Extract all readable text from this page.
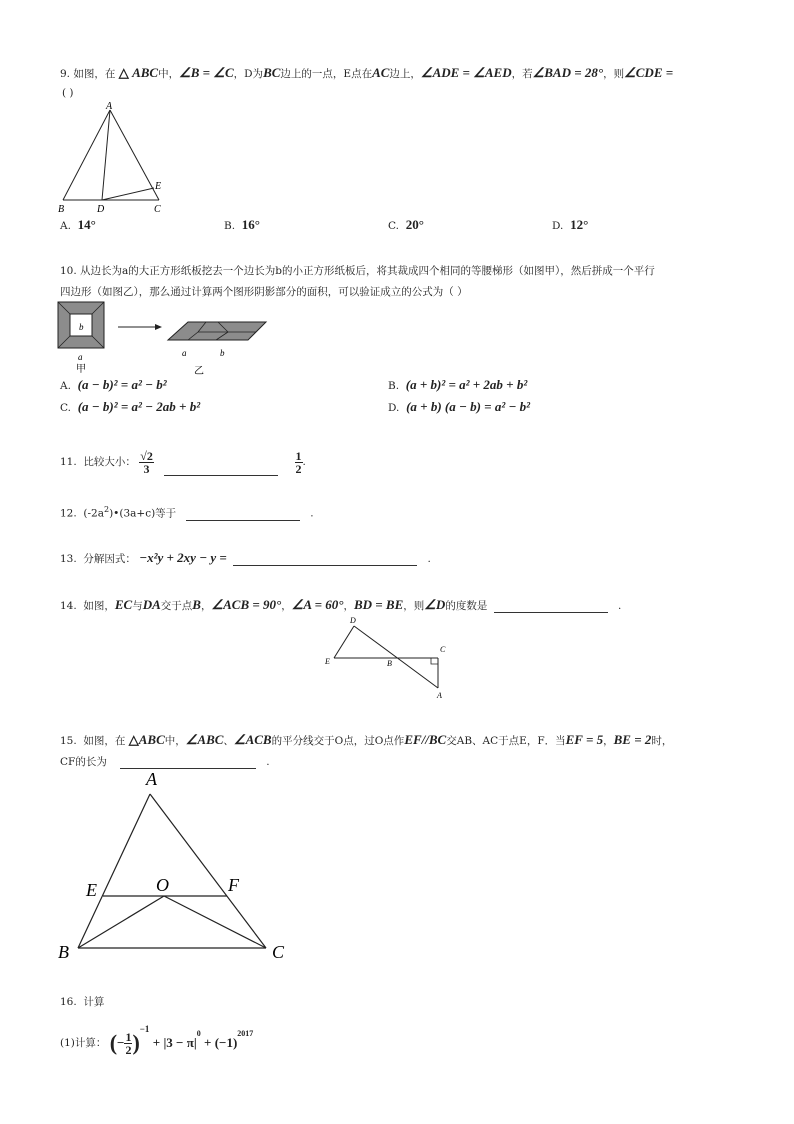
9. 如图，在 △ ABC中，∠B = ∠C，D为BC边上的一点，E点在AC边上，∠ADE = ∠AED，若∠BAD = 28°，则∠CDE =
( )
A
B	C
D
E
A. 14°	B. 16°	C. 20°	D. 12°
10. 从边长为a的大正方形纸板挖去一个边长为b的小正方形纸板后，将其裁成四个相同的等腰梯形（如图甲），然后拼成一个平行
四边形（如图乙），那么通过计算两个图形阴影部分的面积，可以验证成立的公式为（ ）
b
a
甲
a	b
乙
A. (a − b)² = a² − b²	B. (a + b)² = a² + 2ab + b²
C. (a − b)² = a² − 2ab + b²	D. (a + b) (a − b) = a² − b²
11. 比较大小： $\frac{√2}{3}$
	$\frac{1}{2}$ .
12. $(-2a^2)•(3a+c)$等于	.
13. 分解因式： −x²y + 2xy − y =	.
14. 如图，EC与DA交于点B，∠ACB = 90°，∠A = 60°，BD = BE，则∠D的度数是	.
D
C
E	B
A
15. 如图，在 △ABC中，∠ABC、∠ACB的平分线交于O点，过O点作EF//BC交AB、AC于点E，F．当EF = 5，BE = 2时，
CF的长为	.
A
E	O	F
B	C
16. 计算
(1)计算： (− $\frac{1}{2} )^{-1} + |3 - \pi|^0 + (-1)^{2017}$
